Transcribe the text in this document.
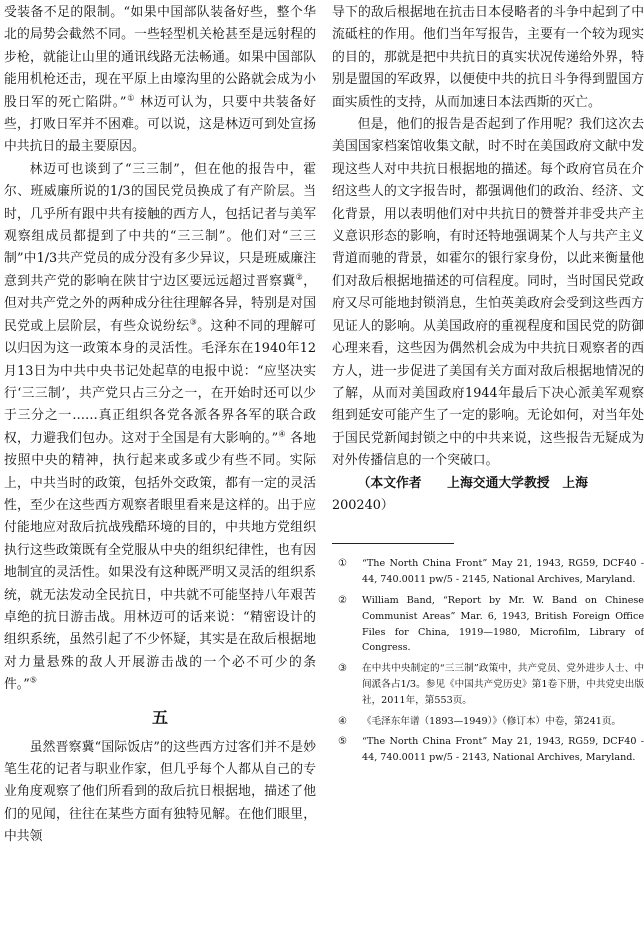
受装备不足的限制。“如果中国部队装备好些，整个华北的局势会截然不同。一些轻型机关枪甚至是远射程的步枪，就能让山里的通讯线路无法畅通。如果中国部队能用机枪还击，现在平原上由壕沟里的公路就会成为小股日军的死亡陷阱。”① 林迈可认为，只要中共装备好些，打败日军并不困难。可以说，这是林迈可到处宣扬中共抗日的最主要原因。

林迈可也谈到了“三三制”，但在他的报告中，霍尔、班威廉所说的1/3的国民党员换成了有产阶层。当时，几乎所有跟中共有接触的西方人，包括记者与美军观察组成员都提到了中共的“三三制”。他们对“三三制”中1/3共产党员的成分没有多少异议，只是班威廉注意到共产党的影响在陕甘宁边区要远远超过晋察冀②，但对共产党之外的两种成分往往理解各异，特别是对国民党或上层阶层，有些众说纷纭③。这种不同的理解可以归因为这一政策本身的灵活性。毛泽东在1940年12月13日为中共中央书记处起草的电报中说：“应坚决实行‘三三制’，共产党只占三分之一，在开始时还可以少于三分之一……真正组织各党各派各界各军的联合政权，力避我们包办。这对于全国是有大影响的。”④ 各地按照中央的精神，执行起来或多或少有些不同。实际上，中共当时的政策，包括外交政策，都有一定的灵活性，至少在这些西方观察者眼里看来是这样的。出于应付能地应对敌后抗战残酷环境的目的，中共地方党组织执行这些政策既有全党服从中央的组织纪律性，也有因地制宜的灵活性。如果没有这种既严明又灵活的组织系统，就无法发动全民抗日，中共就不可能坚持八年艰苦卓绝的抗日游击战。用林迈可的话来说：“精密设计的组织系统，虽然引起了不少怀疑，其实是在敌后根据地对力量悬殊的敌人开展游击战的一个必不可少的条件。”⑤

五

虽然晋察冀“国际饭店”的这些西方过客们并不是妙笔生花的记者与职业作家，但几乎每个人都从自己的专业角度观察了他们所看到的敌后抗日根据地，描述了他们的见闻，往往在某些方面有独特见解。在他们眼里，中共领

导下的敌后根据地在抗击日本侵略者的斗争中起到了中流砥柱的作用。他们当年写报告，主要有一个较为现实的目的，那就是把中共抗日的真实状况传递给外界，特别是盟国的军政界，以便使中共的抗日斗争得到盟国方面实质性的支持，从而加速日本法西斯的灭亡。

但是，他们的报告是否起到了作用呢？我们这次去美国国家档案馆收集文献，时不时在美国政府文献中发现这些人对中共抗日根据地的描述。每个政府官员在介绍这些人的文字报告时，都强调他们的政治、经济、文化背景，用以表明他们对中共抗日的赞誉并非受共产主义意识形态的影响，有时还特地强调某个人与共产主义背道而驰的背景，如霍尔的银行家身份，以此来衡量他们对敌后根据地描述的可信程度。同时，当时国民党政府又尽可能地封锁消息，生怕英美政府会受到这些西方见证人的影响。从美国政府的重视程度和国民党的防御心理来看，这些因为偶然机会成为中共抗日观察者的西方人，进一步促进了美国有关方面对敌后根据地情况的了解，从而对美国政府1944年最后下决心派美军观察组到延安可能产生了一定的影响。无论如何，对当年处于国民党新闻封锁之中的中共来说，这些报告无疑成为对外传播信息的一个突破口。

（本文作者　　上海交通大学教授　上海
200240）

① “The North China Front” May 21, 1943, RG59, DCF40 - 44, 740.0011 pw/5 - 2145, National Archives, Maryland.
② William Band, “Report by Mr. W. Band on Chinese Communist Areas” Mar. 6, 1943, British Foreign Office Files for China, 1919—1980, Microfilm, Library of Congress.
③ 在中共中央制定的“三三制”政策中，共产党员、党外进步人士、中间派各占1/3。参见《中国共产党历史》第1卷下册，中共党史出版社，2011年，第553页。
④ 《毛泽东年谱（1893—1949）》（修订本）中卷，第241页。
⑤ “The North China Front” May 21, 1943, RG59, DCF40 - 44, 740.0011 pw/5 - 2143, National Archives, Maryland.
